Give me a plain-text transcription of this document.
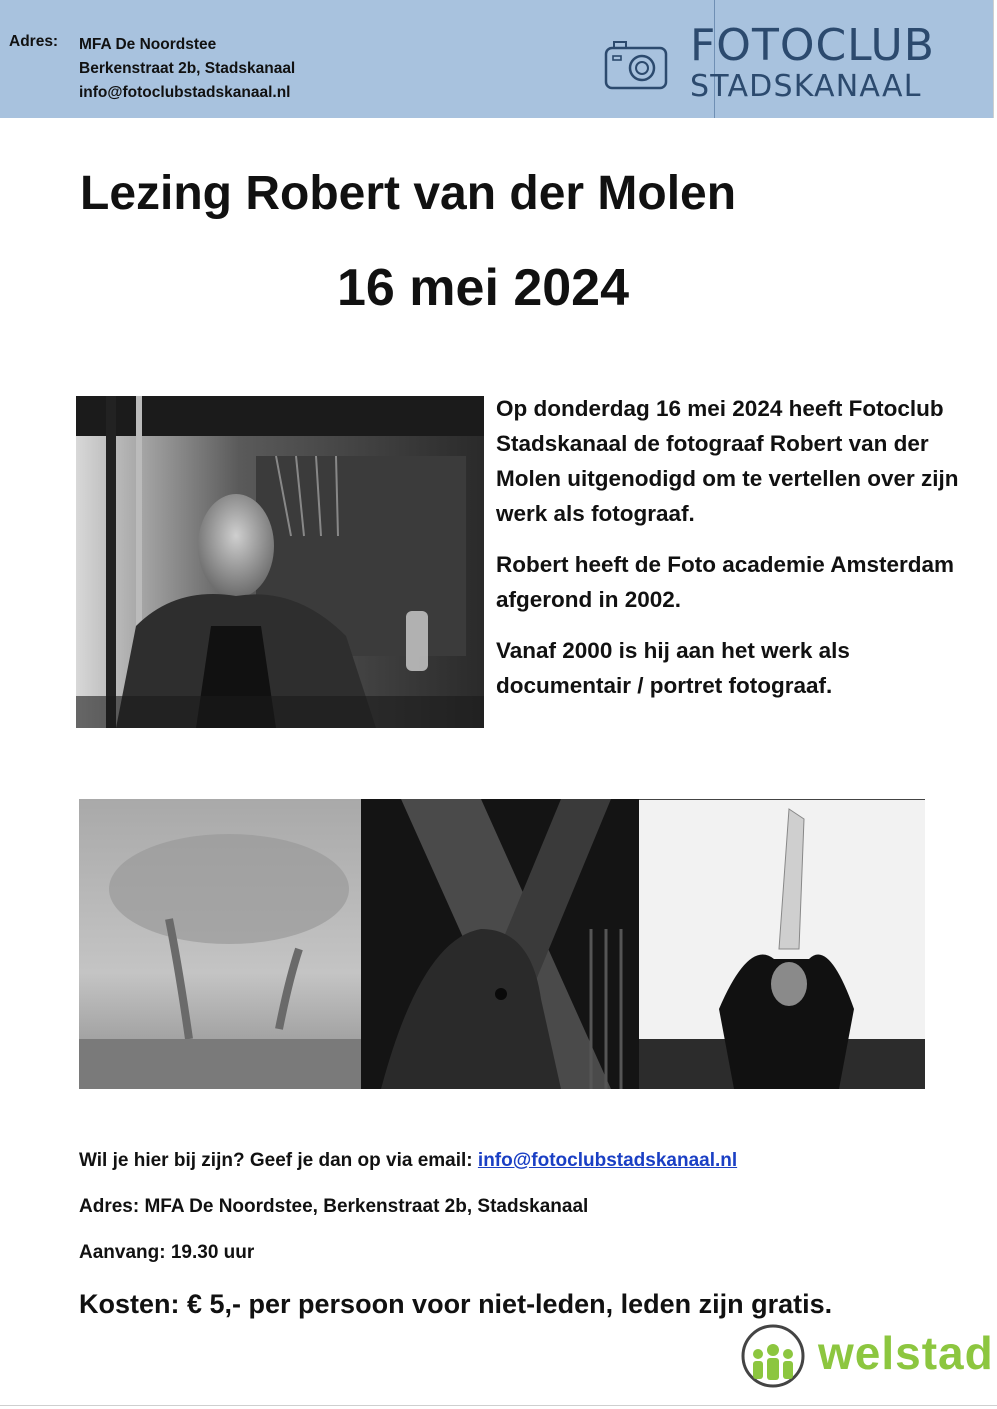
Adres: MFA De Noordstee
Berkenstraat 2b, Stadskanaal
info@fotoclubstadskanaal.nl
FOTOCLUB
STADSKANAAL
Lezing Robert van der Molen
16 mei 2024

Op donderdag 16 mei 2024 heeft Fotoclub Stadskanaal de fotograaf Robert van der Molen uitgenodigd om te vertellen over zijn werk als fotograaf.

Robert heeft de Foto academie Amsterdam afgerond in 2002.

Vanaf 2000 is hij aan het werk als documentair / portret fotograaf.

Wil je hier bij zijn? Geef je dan op via email: info@fotoclubstadskanaal.nl
Adres: MFA De Noordstee, Berkenstraat 2b, Stadskanaal
Aanvang: 19.30 uur
Kosten: € 5,- per persoon voor niet-leden, leden zijn gratis.
welstad
